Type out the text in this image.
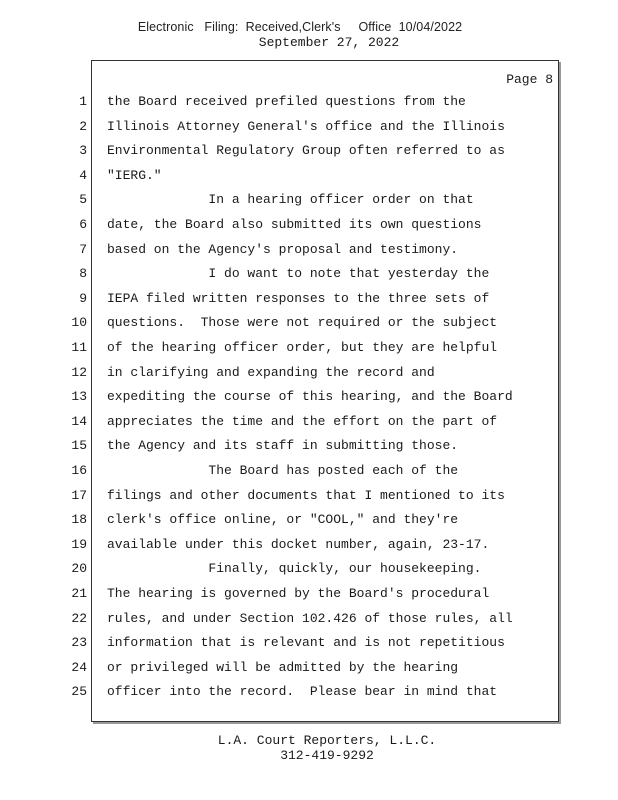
Electronic   Filing:  Received,Clerk's     Office  10/04/2022
September 27, 2022
Page 8
1 the Board received prefiled questions from the
2 Illinois Attorney General's office and the Illinois
3 Environmental Regulatory Group often referred to as
4 "IERG."
5 In a hearing officer order on that
6 date, the Board also submitted its own questions
7 based on the Agency's proposal and testimony.
8 I do want to note that yesterday the
9 IEPA filed written responses to the three sets of
10 questions.  Those were not required or the subject
11 of the hearing officer order, but they are helpful
12 in clarifying and expanding the record and
13 expediting the course of this hearing, and the Board
14 appreciates the time and the effort on the part of
15 the Agency and its staff in submitting those.
16 The Board has posted each of the
17 filings and other documents that I mentioned to its
18 clerk's office online, or "COOL," and they're
19 available under this docket number, again, 23-17.
20 Finally, quickly, our housekeeping.
21 The hearing is governed by the Board's procedural
22 rules, and under Section 102.426 of those rules, all
23 information that is relevant and is not repetitious
24 or privileged will be admitted by the hearing
25 officer into the record.  Please bear in mind that
L.A. Court Reporters, L.L.C.
312-419-9292
